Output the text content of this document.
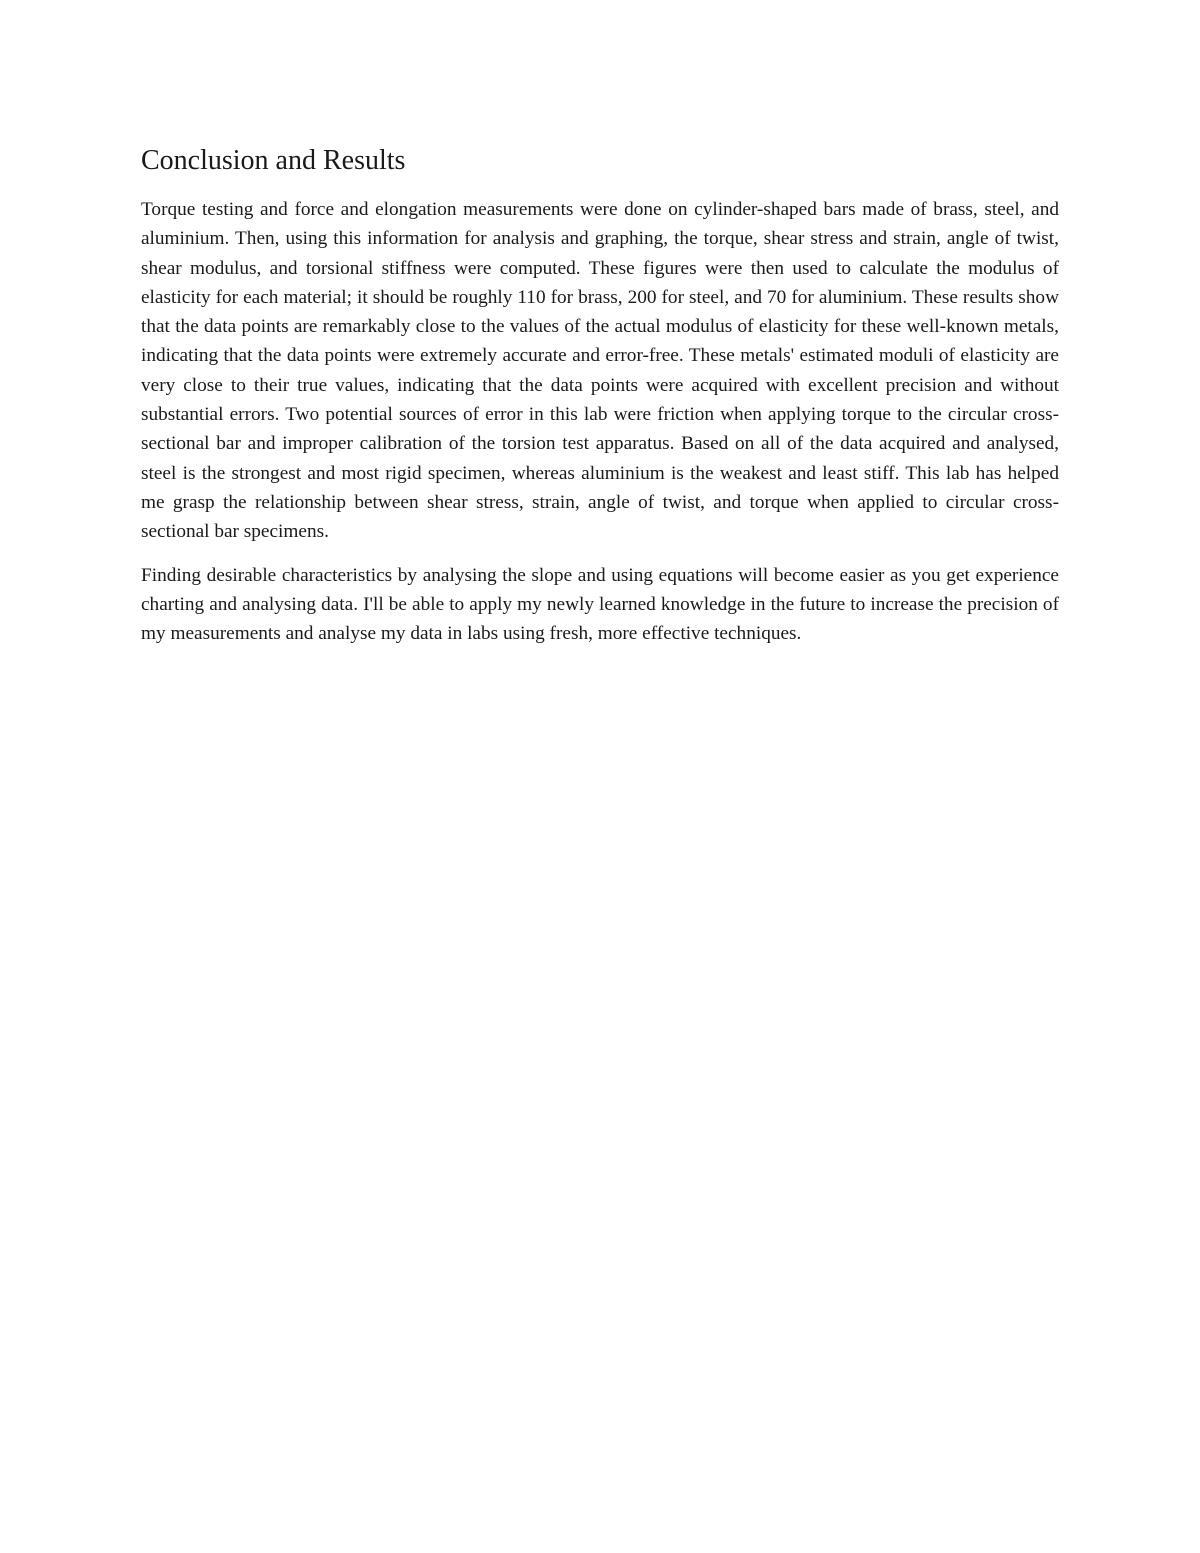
Conclusion and Results

Torque testing and force and elongation measurements were done on cylinder-shaped bars made of brass, steel, and aluminium. Then, using this information for analysis and graphing, the torque, shear stress and strain, angle of twist, shear modulus, and torsional stiffness were computed. These figures were then used to calculate the modulus of elasticity for each material; it should be roughly 110 for brass, 200 for steel, and 70 for aluminium. These results show that the data points are remarkably close to the values of the actual modulus of elasticity for these well-known metals, indicating that the data points were extremely accurate and error-free. These metals' estimated moduli of elasticity are very close to their true values, indicating that the data points were acquired with excellent precision and without substantial errors. Two potential sources of error in this lab were friction when applying torque to the circular cross-sectional bar and improper calibration of the torsion test apparatus. Based on all of the data acquired and analysed, steel is the strongest and most rigid specimen, whereas aluminium is the weakest and least stiff. This lab has helped me grasp the relationship between shear stress, strain, angle of twist, and torque when applied to circular cross-sectional bar specimens.

Finding desirable characteristics by analysing the slope and using equations will become easier as you get experience charting and analysing data. I'll be able to apply my newly learned knowledge in the future to increase the precision of my measurements and analyse my data in labs using fresh, more effective techniques.
